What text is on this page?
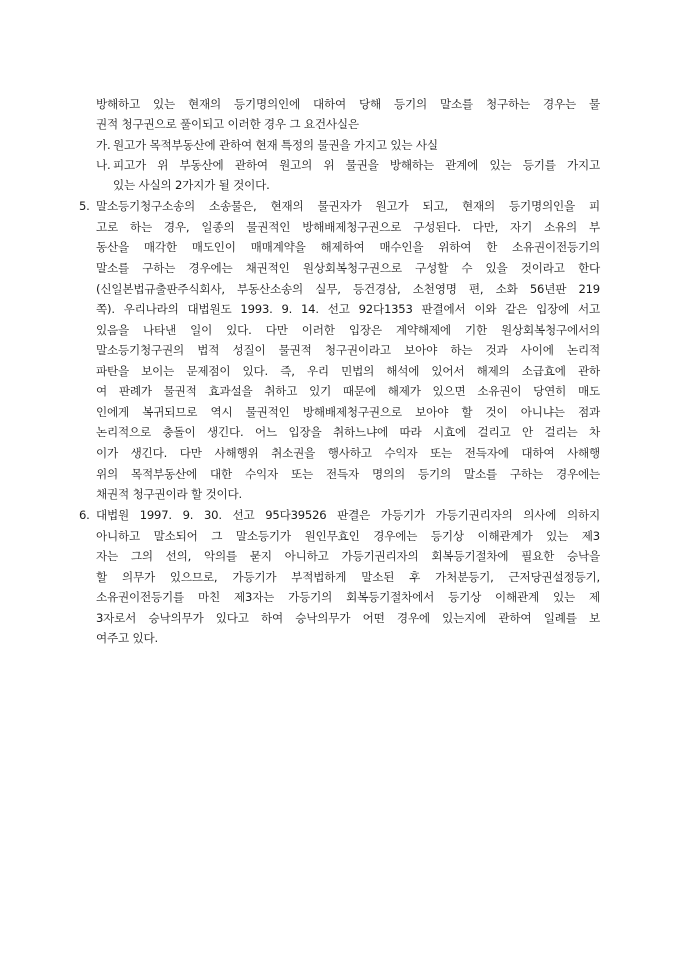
방해하고 있는 현재의 등기명의인에 대하여 당해 등기의 말소를 청구하는 경우는 물
권적 청구권으로 풀이되고 이러한 경우 그 요건사실은
가. 원고가 목적부동산에 관하여 현재 특정의 물권을 가지고 있는 사실
나. 피고가 위 부동산에 관하여 원고의 위 물권을 방해하는 관계에 있는 등기를 가지고
있는 사실의 2가지가 될 것이다.
5. 말소등기청구소송의 소송물은, 현재의 물권자가 원고가 되고, 현재의 등기명의인을 피
고로 하는 경우, 일종의 물권적인 방해배제청구권으로 구성된다. 다만, 자기 소유의 부
동산을 매각한 매도인이 매매계약을 해제하여 매수인을 위하여 한 소유권이전등기의
말소를 구하는 경우에는 채권적인 원상회복청구권으로 구성할 수 있을 것이라고 한다
(신일본법규출판주식회사, 부동산소송의 실무, 등건경삼, 소천영명 편, 소화 56년판 219
쪽). 우리나라의 대법원도 1993. 9. 14. 선고 92다1353 판결에서 이와 같은 입장에 서고
있음을 나타낸 일이 있다. 다만 이러한 입장은 계약해제에 기한 원상회복청구에서의
말소등기청구권의 법적 성질이 물권적 청구권이라고 보아야 하는 것과 사이에 논리적
파탄을 보이는 문제점이 있다. 즉, 우리 민법의 해석에 있어서 해제의 소급효에 관하
여 판례가 물권적 효과설을 취하고 있기 때문에 해제가 있으면 소유권이 당연히 매도
인에게 복귀되므로 역시 물권적인 방해배제청구권으로 보아야 할 것이 아니냐는 점과
논리적으로 충돌이 생긴다. 어느 입장을 취하느냐에 따라 시효에 걸리고 안 걸리는 차
이가 생긴다. 다만 사해행위 취소권을 행사하고 수익자 또는 전득자에 대하여 사해행
위의 목적부동산에 대한 수익자 또는 전득자 명의의 등기의 말소를 구하는 경우에는
채권적 청구권이라 할 것이다.
6. 대법원 1997. 9. 30. 선고 95다39526 판결은 가등기가 가등기권리자의 의사에 의하지
아니하고 말소되어 그 말소등기가 원인무효인 경우에는 등기상 이해관계가 있는 제3
자는 그의 선의, 악의를 묻지 아니하고 가등기권리자의 회복등기절차에 필요한 승낙을
할 의무가 있으므로, 가등기가 부적법하게 말소된 후 가처분등기, 근저당권설정등기,
소유권이전등기를 마친 제3자는 가등기의 회복등기절차에서 등기상 이해관계 있는 제
3자로서 승낙의무가 있다고 하여 승낙의무가 어떤 경우에 있는지에 관하여 일례를 보
여주고 있다.
